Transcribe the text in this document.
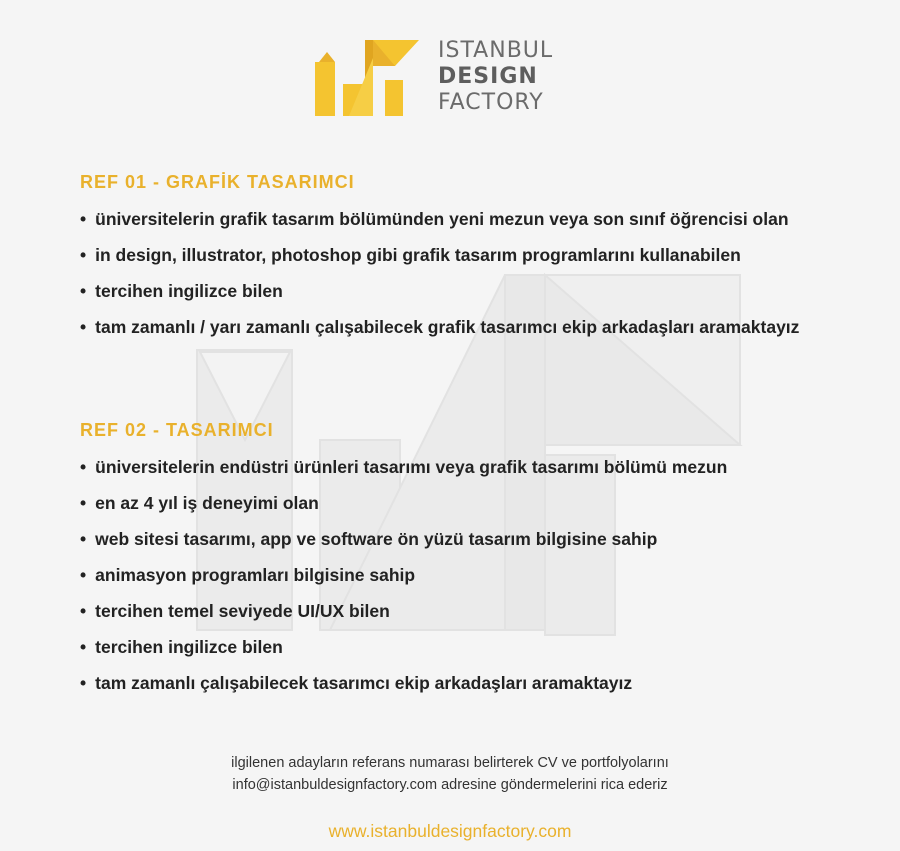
ISTANBUL
DESIGN
FACTORY
REF 01 - GRAFİK TASARIMCI
• üniversitelerin grafik tasarım bölümünden yeni mezun veya son sınıf öğrencisi olan
• in design, illustrator, photoshop gibi grafik tasarım programlarını kullanabilen
• tercihen ingilizce bilen
• tam zamanlı / yarı zamanlı çalışabilecek grafik tasarımcı ekip arkadaşları aramaktayız
REF 02 - TASARIMCI
• üniversitelerin endüstri ürünleri tasarımı veya grafik tasarımı bölümü mezun
• en az 4 yıl iş deneyimi olan
• web sitesi tasarımı, app ve software ön yüzü tasarım bilgisine sahip
• animasyon programları bilgisine sahip
• tercihen temel seviyede UI/UX bilen
• tercihen ingilizce bilen
• tam zamanlı çalışabilecek tasarımcı ekip arkadaşları aramaktayız
ilgilenen adayların referans numarası belirterek CV ve portfolyolarını
info@istanbuldesignfactory.com adresine göndermelerini rica ederiz
www.istanbuldesignfactory.com
